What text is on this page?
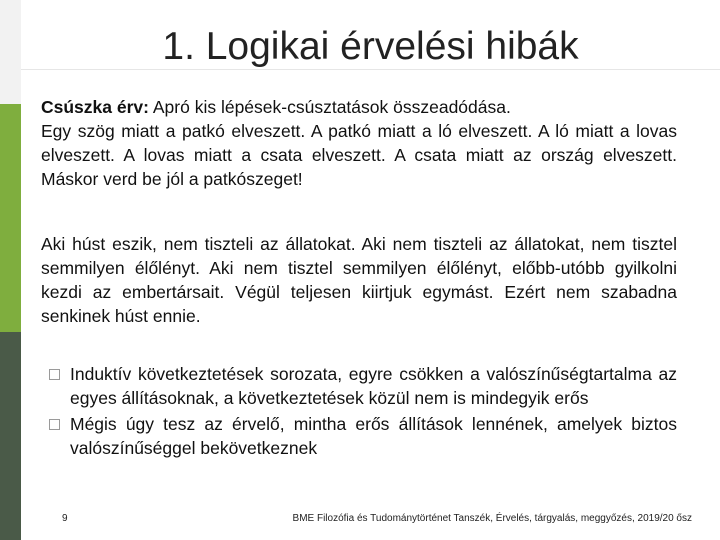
1. Logikai érvelési hibák

Csúszka érv: Apró kis lépések-csúsztatások összeadódása.
Egy szög miatt a patkó elveszett. A patkó miatt a ló elveszett. A ló miatt a lovas elveszett. A lovas miatt a csata elveszett. A csata miatt az ország elveszett. Máskor verd be jól a patkószeget!

Aki húst eszik, nem tiszteli az állatokat. Aki nem tiszteli az állatokat, nem tisztel semmilyen élőlényt. Aki nem tisztel semmilyen élőlényt, előbb-utóbb gyilkolni kezdi az embertársait. Végül teljesen kiirtjuk egymást. Ezért nem szabadna senkinek húst ennie.

Induktív következtetések sorozata, egyre csökken a valószínűségtartalma az egyes állításoknak, a következtetések közül nem is mindegyik erős
Mégis úgy tesz az érvelő, mintha erős állítások lennének, amelyek biztos valószínűséggel bekövetkeznek
9	BME Filozófia és Tudománytörténet Tanszék, Érvelés, tárgyalás, meggyőzés, 2019/20 ősz
